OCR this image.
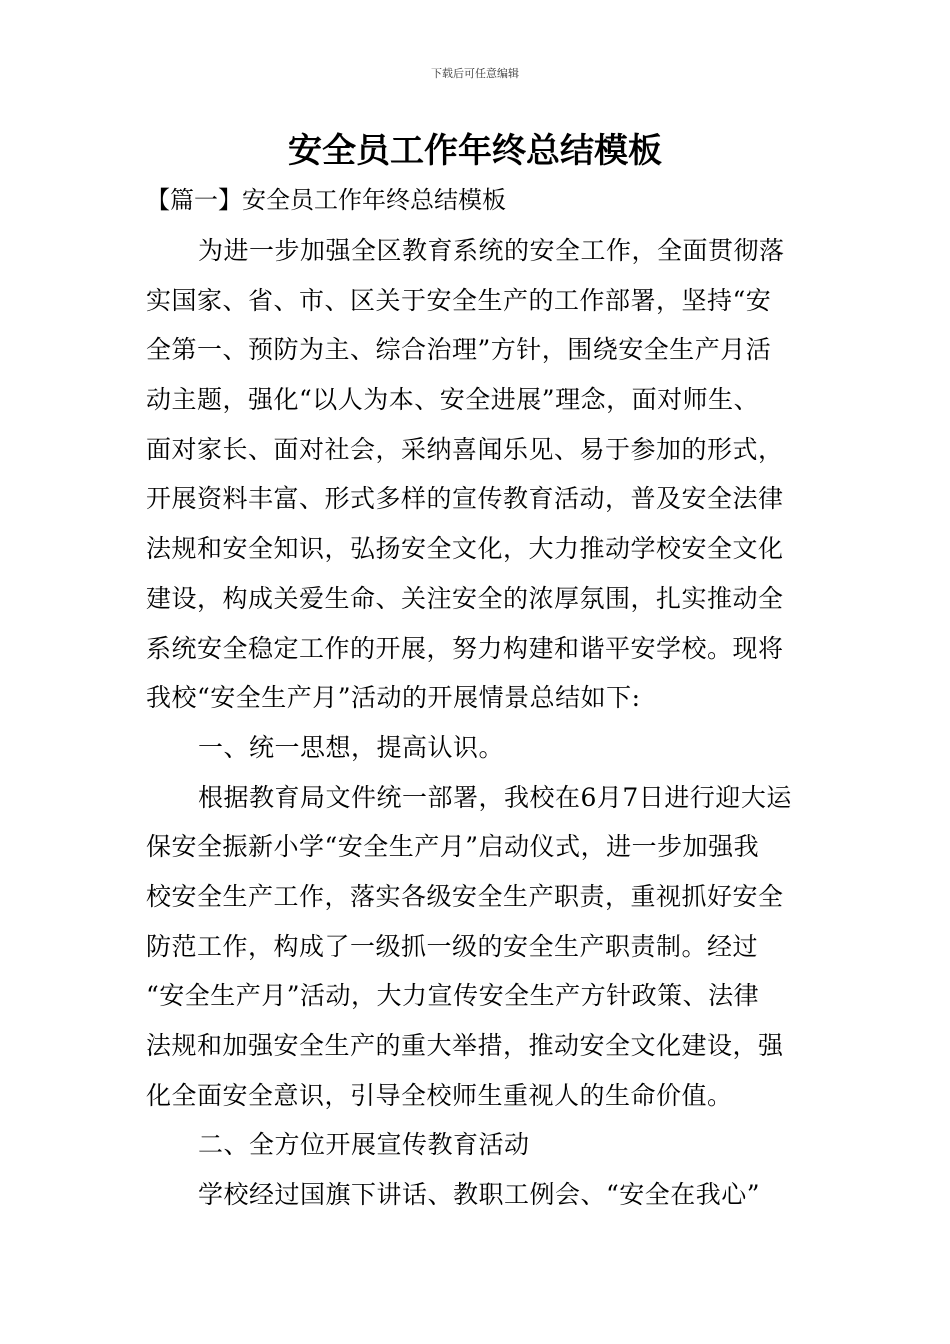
下载后可任意编辑
安全员工作年终总结模板
【篇一】安全员工作年终总结模板
为进一步加强全区教育系统的安全工作，全面贯彻落
实国家、省、市、区关于安全生产的工作部署，坚持“安
全第一、预防为主、综合治理”方针，围绕安全生产月活
动主题，强化“以人为本、安全进展”理念，面对师生、
面对家长、面对社会，采纳喜闻乐见、易于参加的形式，
开展资料丰富、形式多样的宣传教育活动，普及安全法律
法规和安全知识，弘扬安全文化，大力推动学校安全文化
建设，构成关爱生命、关注安全的浓厚氛围，扎实推动全
系统安全稳定工作的开展，努力构建和谐平安学校。现将
我校“安全生产月”活动的开展情景总结如下:
一、统一思想，提高认识。
根据教育局文件统一部署，我校在6月7日进行迎大运
保安全振新小学“安全生产月”启动仪式，进一步加强我
校安全生产工作，落实各级安全生产职责，重视抓好安全
防范工作，构成了一级抓一级的安全生产职责制。经过
“安全生产月”活动，大力宣传安全生产方针政策、法律
法规和加强安全生产的重大举措，推动安全文化建设，强
化全面安全意识，引导全校师生重视人的生命价值。
二、全方位开展宣传教育活动
学校经过国旗下讲话、教职工例会、“安全在我心”
